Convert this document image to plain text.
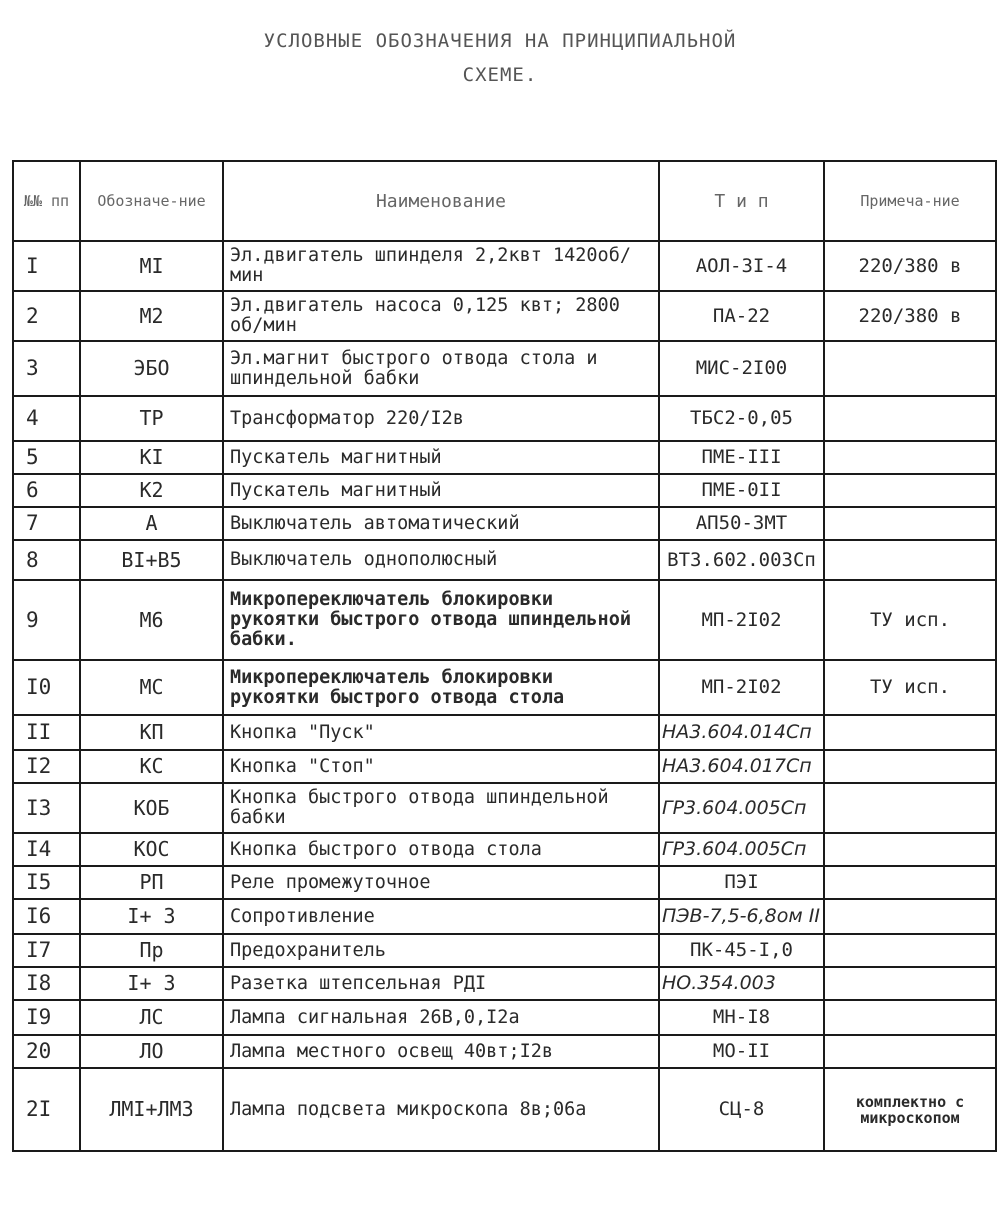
УСЛОВНЫЕ ОБОЗНАЧЕНИЯ НА ПРИНЦИПИАЛЬНОЙ
СХЕМЕ.
№№ пп	Обозначе-ние	Наименование	Т и п	Примеча-ние

I	МI	Эл.двигатель шпинделя 2,2квт 1420об/мин	АОЛ-3I-4	220/380 в
2	М2	Эл.двигатель насоса 0,125 квт; 2800 об/мин	ПА-22	220/380 в
3	ЭБО	Эл.магнит быстрого отвода стола и шпиндельной бабки	МИС-2I00	
4	ТР	Трансформатор 220/I2в	ТБС2-0,05	
5	КI	Пускатель магнитный	ПМЕ-III	
6	К2	Пускатель магнитный	ПМЕ-0II	
7	А	Выключатель автоматический	АП50-3МТ	
8	BI+B5	Выключатель однополюсный	ВТ3.602.003Сп	
9	М6	Микропереключатель блокировки рукоятки быстрого отвода шпиндельной бабки.	МП-2I02	ТУ исп.
I0	МС	Микропереключатель блокировки рукоятки быстрого отвода стола	МП-2I02	ТУ исп.
II	КП	Кнопка "Пуск"	НА3.604.014Сп	
I2	КС	Кнопка "Стоп"	НА3.604.017Сп	
I3	КОБ	Кнопка быстрого отвода шпиндельной бабки	ГР3.604.005Сп	
I4	КОС	Кнопка быстрого отвода стола	ГР3.604.005Сп	
I5	РП	Реле промежуточное	ПЭI	
I6	I+ 3	Сопротивление	ПЭВ-7,5-6,8ом II	
I7	Пр	Предохранитель	ПК-45-I,0	
I8	I+ 3	Разетка штепсельная РДI	НО.354.003	
I9	ЛС	Лампа сигнальная 26В,0,I2а	МН-I8	
20	ЛО	Лампа местного освещ 40вт;I2в	МО-II	
2I	ЛМI+ЛМ3	Лампа подсвета микроскопа 8в;06а	СЦ-8	комплектно с микроскопом
